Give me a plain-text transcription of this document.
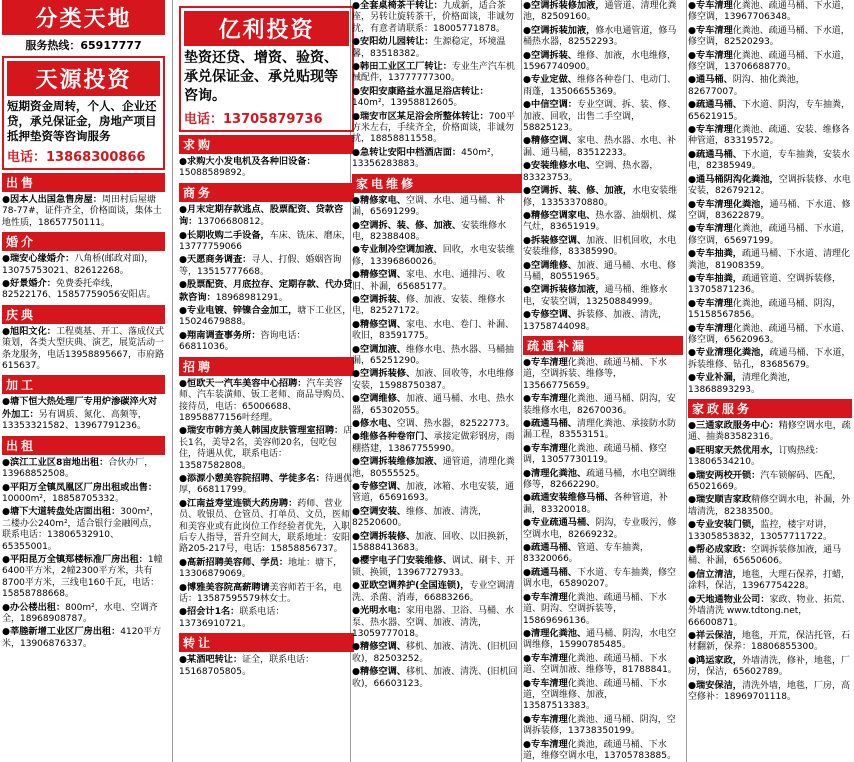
分类天地
服务热线：65917777
天源投资
短期资金周转，个人、企业还贷，承兑保证金，房地产项目抵押垫资等咨询服务
电话：13868300866
出售
●因本人出国急售房屋：周田村后屋塘78-77#，证件齐全，价格面谈，集体土地性质，18657750111。
婚介
●瑞安心缘婚介：八角桥(邮政对面)，13075753021、82612268。
●好景婚介：免费委托牵线，82522176、15857759056安阳店。
庆典
●旭阳文化：工程奠基、开工、落成仪式策划，各类大型庆典、演艺，展览活动一条龙服务，电话13958895667，市府路615637。
加工
●塘下恒大热处理厂专用炉渗碳淬火对外加工：另有调质、氮化、高频等，13353321582、13967791236。
出租
●滨江工业区8亩地出租：合伙办厂，13968852508。
●平阳万全镇凤凰区厂房出租或出售：10000m²，18858705332。
●塘下大道转盘处店面出租：300m²，二楼办公240m²，适合银行金融网点，联系电话：13806532910、65355001。
●平阳昆万全镇郑楼标准厂房出租：1幢6400平方米，2幢2300平方米，共有8700平方米，三线电160千瓦，电话：15858788668。
●办公楼出租：800m²，水电、空调齐全，18968908787。
●莘塍新增工业区厂房出租：4120平方米，13906876337。
亿利投资
垫资还贷、增资、验资、承兑保证金、承兑贴现等咨询。
电话：13705879736
求购
●求购大小发电机及各种旧设备：15088589892。
商务
●月末定期存款逃点、股票配资、贷款咨询：13706680812。
●长期收购二手设备，车床、铣床、磨床，13777759066
●天愿商务调查：寻人、打假、婚姻咨询等，13515777668。
●股票配资、月底拉存、定期存款、代办贷款咨询：18968981291。
●专业电镀、锌镍合金加工，塘下工业区，15024679888。
●翔南调查事务所：咨询电话：66811036。
招聘
●恒欧天一汽车美容中心招聘：汽车美容师、汽车装潢师、钣工老师、商品导购员、接待员，电话：65006688、18958877156叶经理。
●瑞安市韩方美人韩国皮肤管理室招聘：店长1名，美导2名，美容师20名，包吃包住，待遇从优，联系电话：13587582808。
●添源小憩美容院招聘、学徒多名：待遇优厚，66811799。
●江南益寿堂连锁大药房聘：药师、营业员、收银员、仓管员、打单员、文员，医师和美容业或有此岗位工作经验者优先，入职后专人指导，晋升空间大，联系地址：安阳路205-217号，电话：15858856737。
●高新招聘美容师、学员：地址：塘下，13306879069。
●博雅美容院高薪聘请美容师若干名，电话：13587595579林女士。
●招会计1名：联系电话：13736910721。
转让
●某酒吧转让：证全，联系电话：15168705805。
●全套桌椅茶干转让：九成新，适合茶座，另转让旋转茶干，价格面谈，非诚勿扰，有意者请联系：18005771878。
●安阳幼儿园转让：生源稳定，环境温馨，83518382。
●韩田工业区工厂转让：专业生产汽车机械配件，13777777300。
●安阳安康路益水温足浴店转让：140m²，13958812605。
●瑞安市区某足浴会所整体转让：700平方米左右，手续齐全，价格面谈，非诚勿扰，18858811558。
●急转让安阳中档酒店面：450m²，13356283883。
家电维修
●精修家电、空调、水电、通马桶、补漏，65691299。
●空调拆、装、修、加液、安装维修水电，82388408。
●专业制冷空调加液、回收，水电安装维修，13396860026。
●精修空调、家电、水电、通排污、收旧、补漏，65685177。
●空调拆装、修、加液、安装、维修水电，82527172。
●精修空调、家电、水电、卷门、补漏、收旧，83591775。
●空调加液、维修水电、热水器、马桶抽漏，65251290。
●空调拆装修、加液、回收等，水电维修安装，15988750387。
●空调维修、加液、通马桶、水电、热水器，65302055。
●修水电、空调、热水器，82522773。
●维修各种卷帘门、承接定做彩钢房，雨棚搭建，13867755990。
●空调拆装维修加液、通管道，清理化粪池，80555525。
●专修空调、加液，冰箱、水电安装，通管道，65691693。
●空调安装、维修、加液、清洗，82520600。
●空调拆装修、加液、回收、以旧换新，15888413683。
●樱宇电子门安装维修、调试、刷卡、开锁、换锁，13967727933。
●亚欧空调养护(全国连锁)，专业空调清洗、杀菌、消毒，66883266。
●光明水电：家用电器、卫浴、马桶、水泵、热水器、空调、加液、清洗，13059777018。
●精修空调、移机、加液、清洗、(旧机回收)，82503252。
●精修空调、移机、加液、清洗、(旧机回收)，66603123。
●空调拆装修加液，通管道、清理化粪池，82509160。
●空调拆装加液，修水电通管道，修马桶热水器，82552293。
●空调拆装、维修、加液，水电维修，15967740900。
●专业定做、维修各种卷门、电动门、雨蓬，13506655369。
●中信空调：专业空调、拆、装、修、加液、回收，出售二手空调，58825123。
●精修空调、家电、热水器、水电、补漏、通马桶，83512233。
●安装维修水电、空调、热水器，83323753。
●空调拆、装、修、加液，水电安装维修，13353370880。
●精修空调家电、热水器、油烟机、煤气灶，83651919。
●拆装修空调、加液、旧机回收，水电安装维修，83385990。
●空调维修、加液、通马桶、水电、修马桶，80551965。
●空调拆装修加液，通马桶、维修水电，安装空调，13250884999。
●专修空调、拆装修、加液、清洗，13758744098。
疏通补漏
●专车清理化粪池、疏通马桶、下水道，空调拆装、维修等，13566775659。
●专车清理化粪池、通马桶、阴沟，安装维修水电，82670036。
●疏通马桶、清理化粪池、承接防水防漏工程，83553151。
●专车清理化粪池、疏通马桶、修空调，13057730119。
●清理化粪池、疏通马桶，水电空调维修等，82662290。
●疏通安装维修马桶、各种管道，补漏，83320018。
●专业疏通马桶、阴沟，专业吸污，修空调水电，82669232。
●疏通马桶、管道、专车抽粪，83320066。
●疏通马桶、下水道、专车抽粪，修空调水电，65890207。
●专车清理化粪池、疏通马桶、下水道、阴沟、空调拆装等，15869696136。
●清理化粪池、通马桶、阴沟，水电空调维修，15990785485。
●专车清理化粪池、疏通马桶、下水道、空调加液、维修等，81788841。
●专车清理化粪池、疏通马桶、下水道，空调维修、加液，13587513383。
●专车清理化粪池、通马桶、阴沟，空调拆装修，13738350199。
●专车清理化粪池，疏通马桶、下水道，维修空调水电，13705783885。
●专车清理化粪池、疏通马桶、下水道，修空调，13967706348。
●专车清理化粪池、疏通马桶、下水道，修空调，82520293。
●专车清理化粪池、疏通马桶、下水道，修空调，13706688770。
●通马桶、阴沟、抽化粪池，82677007。
●疏通马桶、下水道、阴沟，专车抽粪，65621915。
●专车清理化粪池、疏通、安装、维修各种管道，83319572。
●疏通马桶、下水道，专车抽粪，安装水电，82385949。
●通马桶阴沟化粪池，空调拆装修、水电安装，82679212。
●专车清理化粪池，通马桶、下水道、修空调，83622879。
●专车清理化粪池，疏通马桶、下水道，修空调，65697199。
●专车抽粪，疏通马桶、下水道、清理化粪池，81908359。
●专车抽粪，疏通管道、空调拆装修，13705871236。
●专车清理化粪池，疏通马桶、阴沟，15158567856。
●专车清理化粪池、疏通马桶、下水道、修空调，65620963。
●专业清理化粪池，疏通马桶、下水道，拆装维修、钻孔，83685679。
●专业补漏，清理化粪池，13868893293。
家政服务
●三通家政服务中心：精修空调水电，疏通、抽粪83582316。
●旺明家天然优用水，订购热线：13806534210。
●瑞安两校开锁：汽车锁解码、匹配，65021669。
●瑞安顺吉家政精修空调水电，补漏，外墙清洗，82383500。
●专业安装门锁，监控，楼宇对讲，13305853832，13057711722。
●帮必成家政：空调拆装修加液，通马桶、补漏，65650606。
●信立清洁，地毯，大理石保养，打蜡，涂料，保洁，13967754228。
●天地通物业公司：家政、物业、拓荒、外墙清洗 www.tdtong.net，66600871。
●祥云保洁，地毯，开荒，保洁托管，石材翻新，保养：18806855300。
●鸿运家政，外墙清洗，修补，地毯，厂房，保洁，65602789。
●瑞安保洁，清洗外墙，地毯，厂房，高空修补：18969701118。
